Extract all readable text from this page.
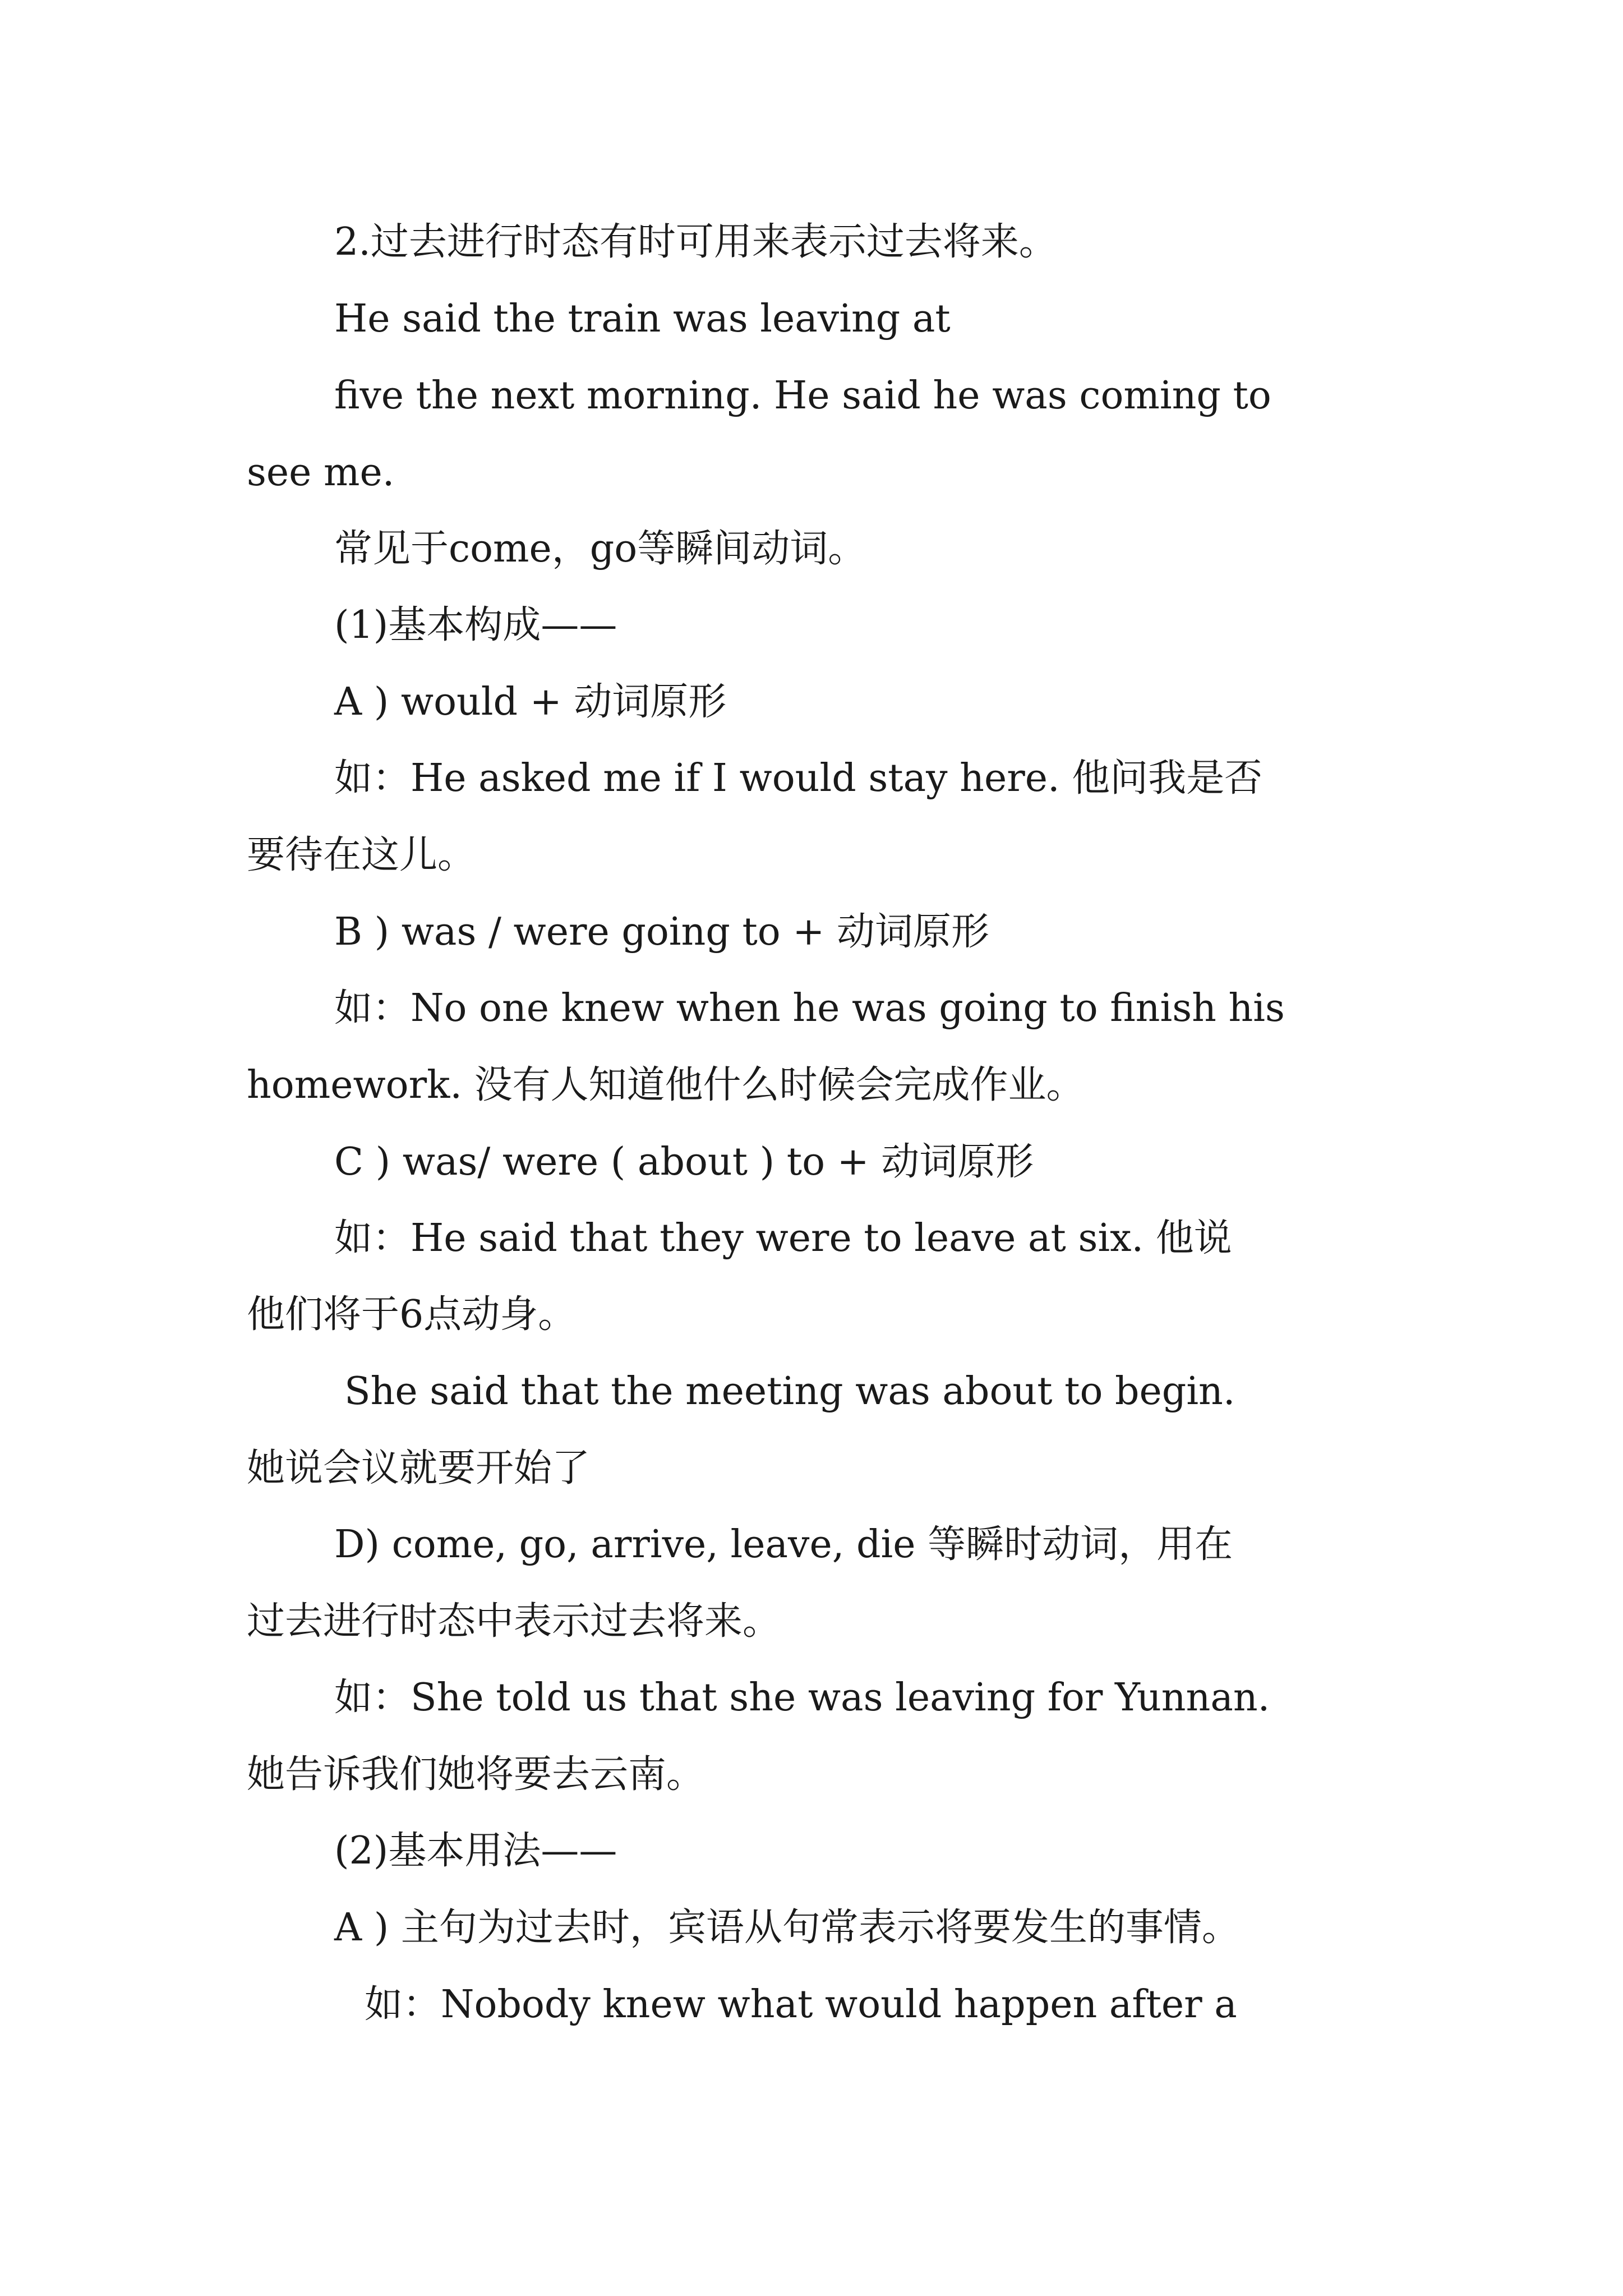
2.过去进行时态有时可用来表示过去将来。
He said the train was leaving at
five the next morning. He said he was coming to
see me.
常见于come，go等瞬间动词。
(1)基本构成——
A ) would + 动词原形
如：He asked me if I would stay here. 他问我是否
要待在这儿。
B ) was / were going to + 动词原形
如：No one knew when he was going to finish his
homework. 没有人知道他什么时候会完成作业。
C ) was/ were ( about ) to + 动词原形
如：He said that they were to leave at six. 他说
他们将于6点动身。
She said that the meeting was about to begin.
她说会议就要开始了
D) come, go, arrive, leave, die 等瞬时动词，用在
过去进行时态中表示过去将来。
如：She told us that she was leaving for Yunnan.
她告诉我们她将要去云南。
(2)基本用法——
A ) 主句为过去时，宾语从句常表示将要发生的事情。
如：Nobody knew what would happen after a
